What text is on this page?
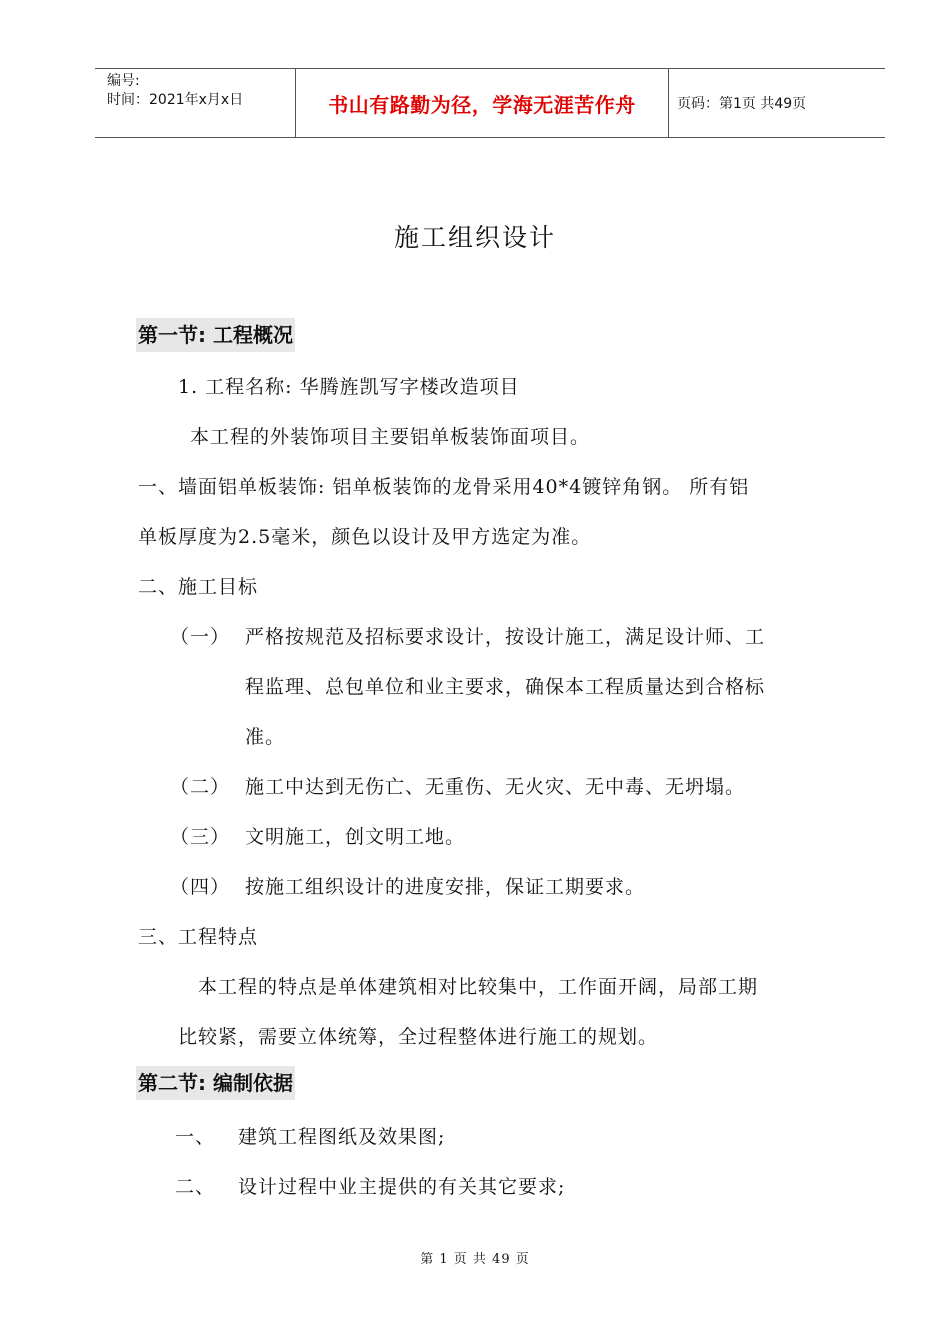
编号:
时间：2021年x月x日	书山有路勤为径，学海无涯苦作舟	页码：第1页 共49页
施工组织设计
第一节: 工程概况
1. 工程名称: 华腾旌凯写字楼改造项目
本工程的外装饰项目主要铝单板装饰面项目。
一、墙面铝单板装饰: 铝单板装饰的龙骨采用40*4镀锌角钢。 所有铝
单板厚度为2.5毫米，颜色以设计及甲方选定为准。
二、施工目标
（一） 严格按规范及招标要求设计，按设计施工，满足设计师、工
程监理、总包单位和业主要求，确保本工程质量达到合格标
准。
（二） 施工中达到无伤亡、无重伤、无火灾、无中毒、无坍塌。
（三） 文明施工，创文明工地。
（四） 按施工组织设计的进度安排，保证工期要求。
三、工程特点
本工程的特点是单体建筑相对比较集中，工作面开阔，局部工期
比较紧，需要立体统筹，全过程整体进行施工的规划。
第二节: 编制依据
一、 建筑工程图纸及效果图;
二、 设计过程中业主提供的有关其它要求;
第 1 页 共 49 页
